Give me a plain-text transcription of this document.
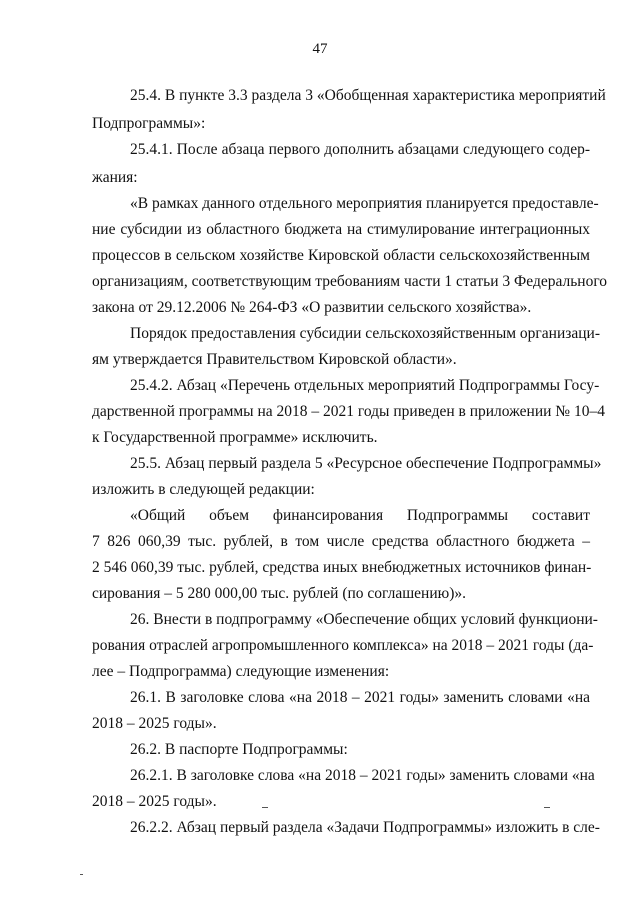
47
25.4. В пункте 3.3 раздела 3 «Обобщенная характеристика мероприятий
Подпрограммы»:
25.4.1. После абзаца первого дополнить абзацами следующего содер-
жания:
«В рамках данного отдельного мероприятия планируется предоставле-
ние субсидии из областного бюджета на стимулирование интеграционных
процессов в сельском хозяйстве Кировской области сельскохозяйственным
организациям, соответствующим требованиям части 1 статьи 3 Федерального
закона от 29.12.2006 № 264-ФЗ «О развитии сельского хозяйства».
Порядок предоставления субсидии сельскохозяйственным организаци-
ям утверждается Правительством Кировской области».
25.4.2. Абзац «Перечень отдельных мероприятий Подпрограммы Госу-
дарственной программы на 2018 – 2021 годы приведен в приложении № 10–4
к Государственной программе» исключить.
25.5. Абзац первый раздела 5 «Ресурсное обеспечение Подпрограммы»
изложить в следующей редакции:
«Общий объем финансирования Подпрограммы составит
7 826 060,39 тыс. рублей, в том числе средства областного бюджета –
2 546 060,39 тыс. рублей, средства иных внебюджетных источников финан-
сирования – 5 280 000,00 тыс. рублей (по соглашению)».
26. Внести в подпрограмму «Обеспечение общих условий функциони-
рования отраслей агропромышленного комплекса» на 2018 – 2021 годы (да-
лее – Подпрограмма) следующие изменения:
26.1. В заголовке слова «на 2018 – 2021 годы» заменить словами «на
2018 – 2025 годы».
26.2. В паспорте Подпрограммы:
26.2.1. В заголовке слова «на 2018 – 2021 годы» заменить словами «на
2018 – 2025 годы».
26.2.2. Абзац первый раздела «Задачи Подпрограммы» изложить в сле-
